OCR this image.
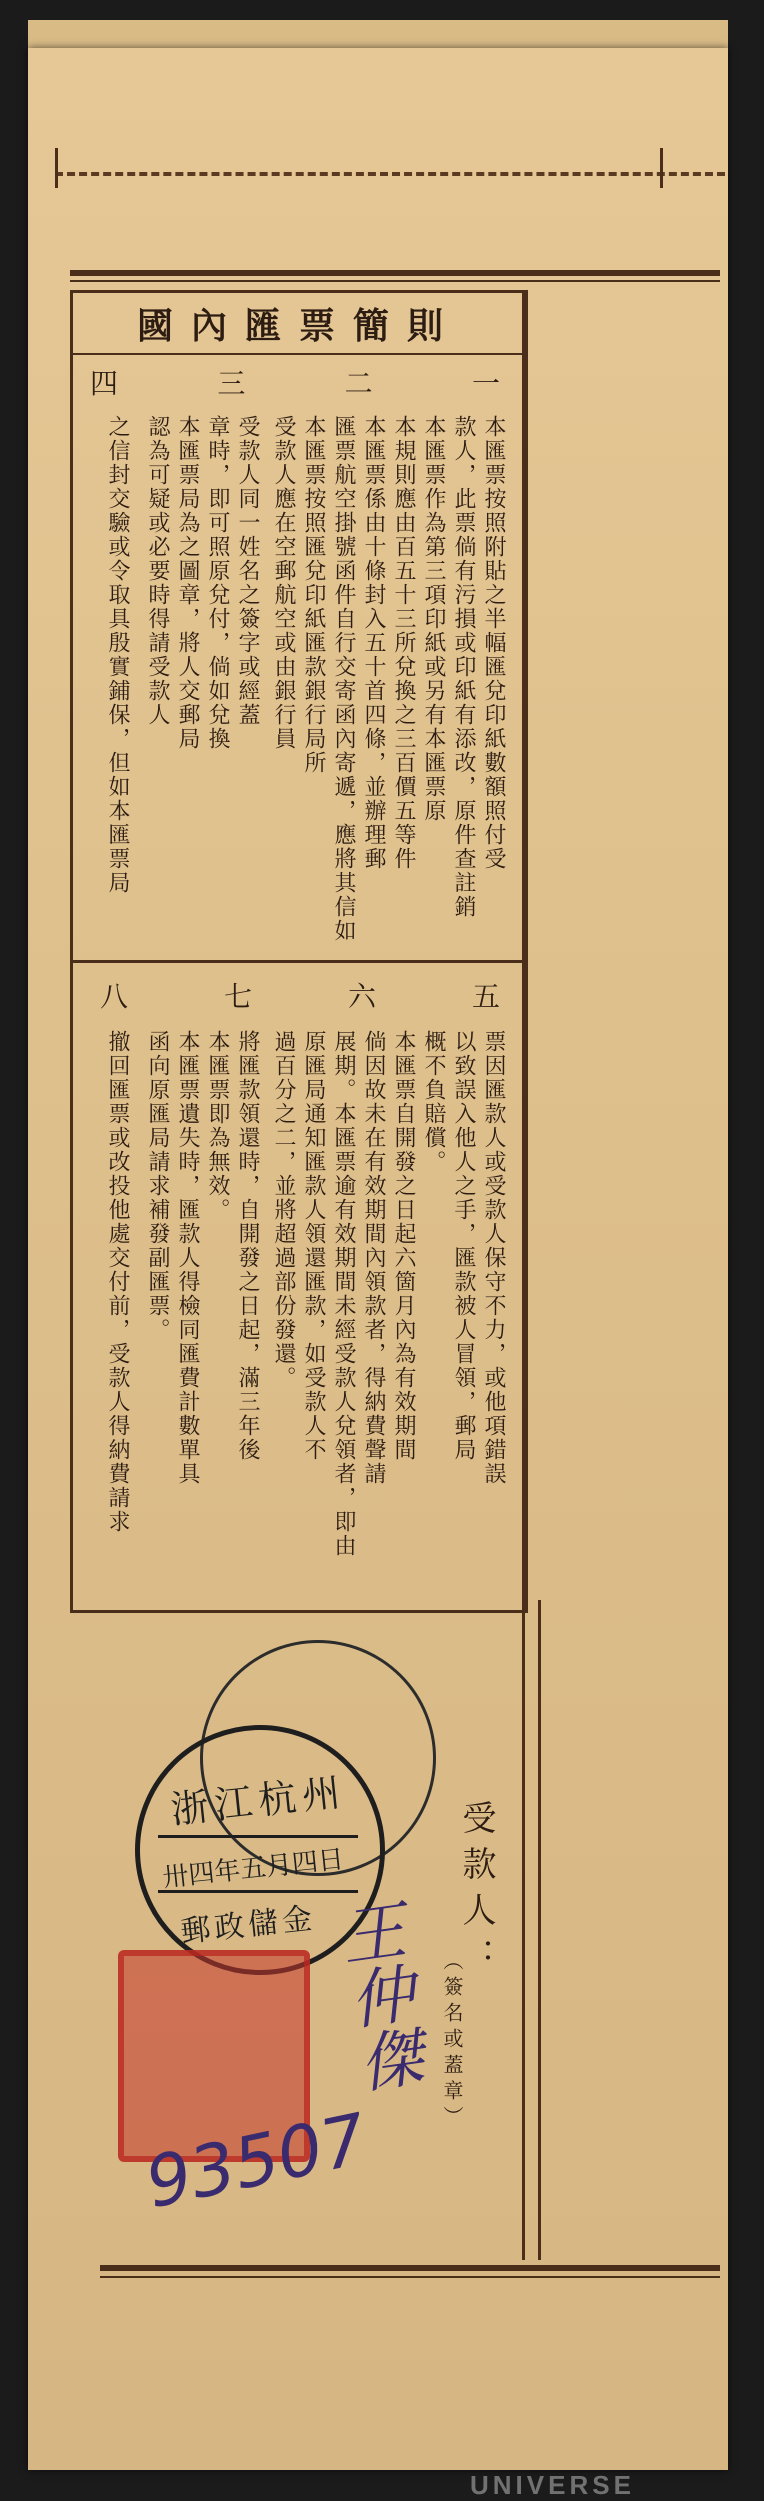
國內匯票簡則
一
二
三
四
本匯票按照附貼之半幅匯兌印紙數額照付受
款人，此票倘有污損或印紙有添改，原件查註銷
本匯票作為第三項印紙或另有本匯票原
本規則應由百五十三所兌換之三百價五等件
本匯票係由十條封入五十首四條，並辦理郵
匯票航空掛號函件自行交寄函內寄遞，應將其信如
本匯票按照匯兌印紙匯款銀行局所
受款人應在空郵航空或由銀行員
受款人同一姓名之簽字或經蓋
章時，即可照原兌付，倘如兌換
本匯票局為之圖章，將人交郵局
認為可疑或必要時得請受款人
之信封交驗或令取具殷實鋪保，但如本匯票局
五
六
七
八
票因匯款人或受款人保守不力，或他項錯誤
以致誤入他人之手，匯款被人冒領，郵局
概不負賠償。
本匯票自開發之日起六箇月內為有效期間
倘因故未在有效期間內領款者，得納費聲請
展期。本匯票逾有效期間未經受款人兌領者，即由
原匯局通知匯款人領還匯款，如受款人不
過百分之二，並將超過部份發還。
將匯款領還時，自開發之日起，滿三年後
本匯票即為無效。
本匯票遺失時，匯款人得檢同匯費計數單具
函向原匯局請求補發副匯票。
撤回匯票或改投他處交付前，受款人得納費請求
受款人：
（簽名或蓋章）
浙江杭州
卅四年五月四日
郵政儲金 王仲傑
93507
UNIVERSE
